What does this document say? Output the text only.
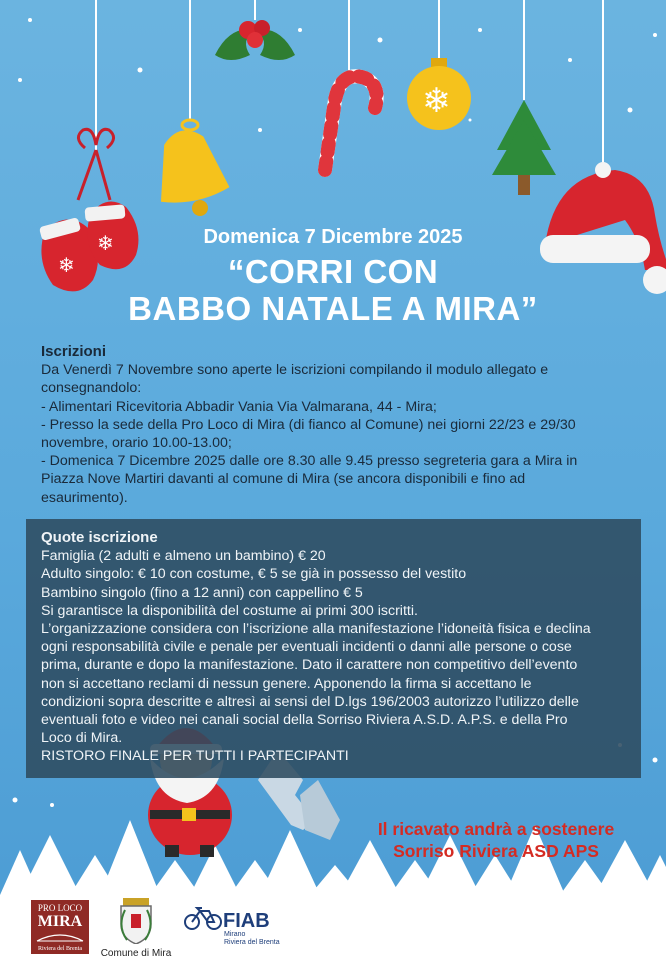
❄
❄
❄
Domenica 7 Dicembre 2025
“CORRI CON
BABBO NATALE A MIRA”
Iscrizioni
Da Venerdì 7 Novembre sono aperte le iscrizioni compilando il modulo allegato e
consegnandolo:
- Alimentari Ricevitoria Abbadir Vania Via Valmarana, 44 - Mira;
- Presso la sede della Pro Loco di Mira (di fianco al Comune) nei giorni 22/23 e 29/30
novembre, orario 10.00-13.00;
- Domenica 7 Dicembre 2025 dalle ore 8.30 alle 9.45 presso segreteria gara a Mira in
Piazza Nove Martiri davanti al comune di Mira (se ancora disponibili e fino ad
esaurimento).
Quote iscrizione
Famiglia (2 adulti e almeno un bambino) € 20
Adulto singolo: € 10 con costume, € 5 se già in possesso del vestito
Bambino singolo (fino a 12 anni) con cappellino € 5
Si garantisce la disponibilità del costume ai primi 300 iscritti.
L’organizzazione considera con l’iscrizione alla manifestazione l’idoneità fisica e declina
ogni responsabilità civile e penale per eventuali incidenti o danni alle persone o cose
prima, durante e dopo la manifestazione. Dato il carattere non competitivo dell’evento
non si accettano reclami di nessun genere. Apponendo la firma si accettano le
condizioni sopra descritte e altresì ai sensi del D.lgs 196/2003 autorizzo l’utilizzo delle
eventuali foto e video nei canali social della Sorriso Riviera A.S.D. A.P.S. e della Pro
Loco di Mira.
RISTORO FINALE PER TUTTI I PARTECIPANTI
Il ricavato andrà a sostenere
Sorriso Riviera ASD APS
PRO LOCO
MIRA
Riviera del Brenta	Comune di Mira
FIAB
Mirano
Riviera del Brenta
